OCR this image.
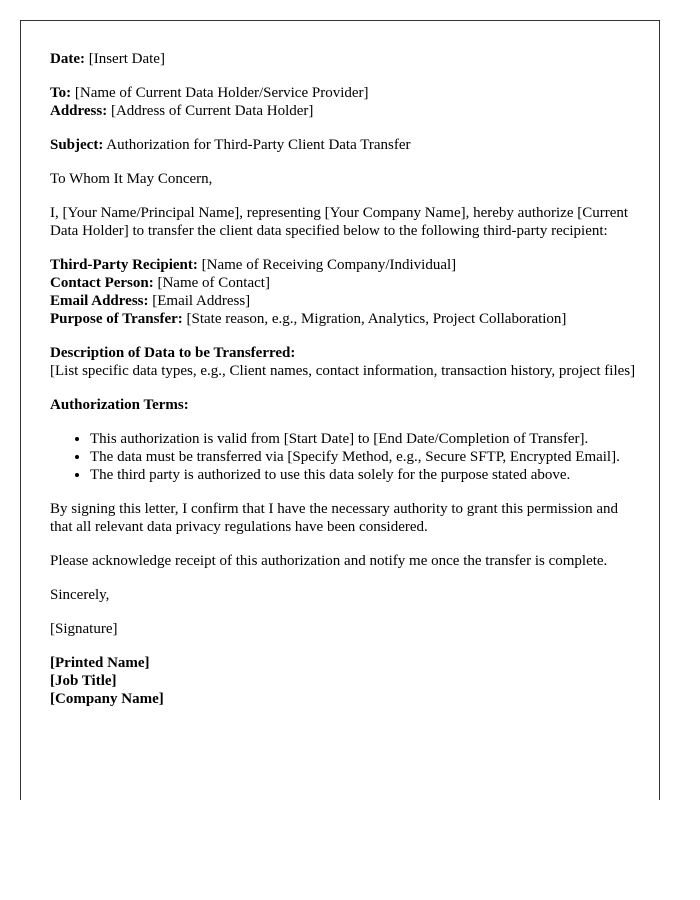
Date: [Insert Date]

To: [Name of Current Data Holder/Service Provider]

Address: [Address of Current Data Holder]

Subject: Authorization for Third-Party Client Data Transfer

To Whom It May Concern,

I, [Your Name/Principal Name], representing [Your Company Name], hereby authorize [Current Data Holder] to transfer the client data specified below to the following third-party recipient:

Third-Party Recipient: [Name of Receiving Company/Individual]

Contact Person: [Name of Contact]

Email Address: [Email Address]

Purpose of Transfer: [State reason, e.g., Migration, Analytics, Project Collaboration]

Description of Data to be Transferred:

[List specific data types, e.g., Client names, contact information, transaction history, project files]

Authorization Terms:

• This authorization is valid from [Start Date] to [End Date/Completion of Transfer].
• The data must be transferred via [Specify Method, e.g., Secure SFTP, Encrypted Email].
• The third party is authorized to use this data solely for the purpose stated above.

By signing this letter, I confirm that I have the necessary authority to grant this permission and that all relevant data privacy regulations have been considered.

Please acknowledge receipt of this authorization and notify me once the transfer is complete.

Sincerely,

[Signature]

[Printed Name]

[Job Title]

[Company Name]
